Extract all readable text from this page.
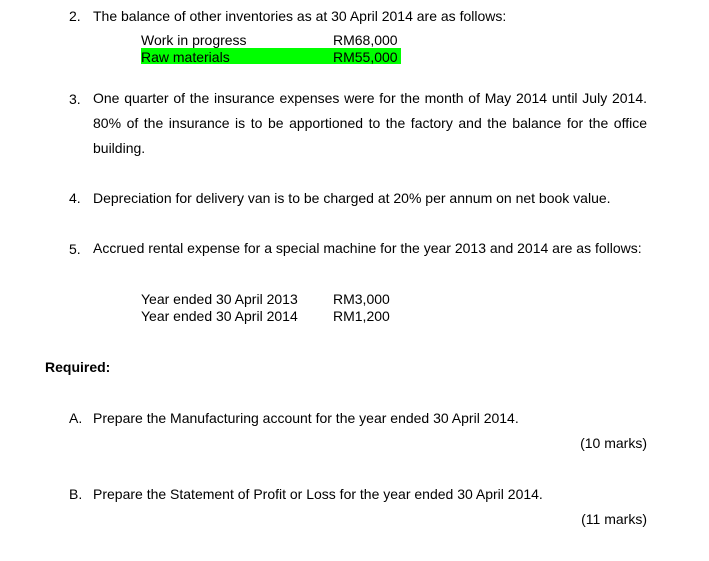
2. The balance of other inventories as at 30 April 2014 are as follows:
Work in progress	RM68,000
Raw materials	RM55,000
3. One quarter of the insurance expenses were for the month of May 2014 until July 2014. 80% of the insurance is to be apportioned to the factory and the balance for the office building.
4. Depreciation for delivery van is to be charged at 20% per annum on net book value.
5. Accrued rental expense for a special machine for the year 2013 and 2014 are as follows:
Year ended 30 April 2013	RM3,000
Year ended 30 April 2014	RM1,200
Required:
A. Prepare the Manufacturing account for the year ended 30 April 2014.
(10 marks)
B. Prepare the Statement of Profit or Loss for the year ended 30 April 2014.
(11 marks)
